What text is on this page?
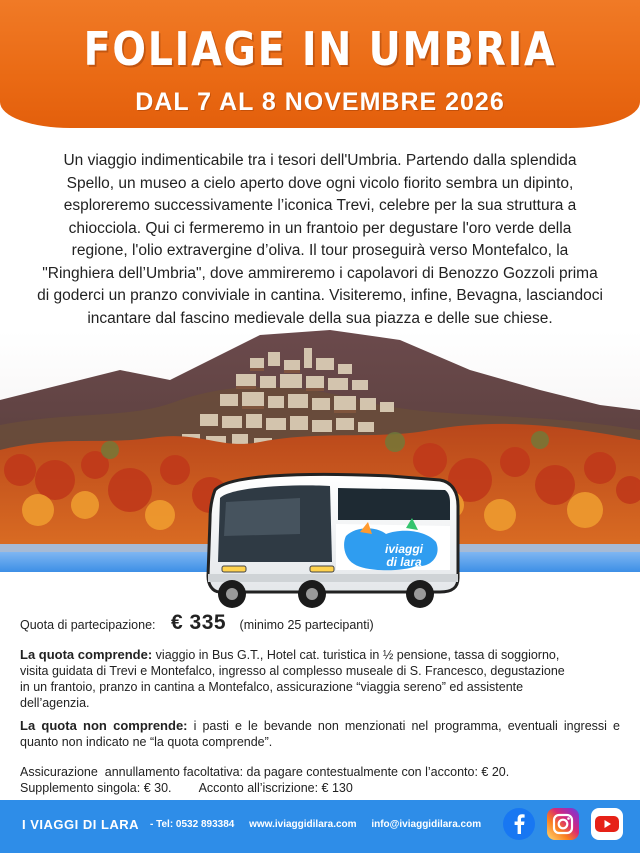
FOLIAGE IN UMBRIA
DAL 7 AL 8 NOVEMBRE 2026
Un viaggio indimenticabile tra i tesori dell'Umbria. Partendo dalla splendida
Spello, un museo a cielo aperto dove ogni vicolo fiorito sembra un dipinto,
esploreremo successivamente l’iconica Trevi, celebre per la sua struttura a
chiocciola. Qui ci fermeremo in un frantoio per degustare l'oro verde della
regione, l'olio extravergine d’oliva. Il tour proseguirà verso Montefalco, la
"Ringhiera dell’Umbria", dove ammireremo i capolavori di Benozzo Gozzoli prima
di goderci un pranzo conviviale in cantina. Visiteremo, infine, Bevagna, lasciandoci
incantare dal fascino medievale della sua piazza e delle sue chiese.
iviaggi
di lara
Quota di partecipazione: € 335 (minimo 25 partecipanti)
La quota comprende: viaggio in Bus G.T., Hotel cat. turistica in ½ pensione, tassa di soggiorno,
visita guidata di Trevi e Montefalco, ingresso al complesso museale di S. Francesco, degustazione
in un frantoio, pranzo in cantina a Montefalco, assicurazione “viaggia sereno” ed assistente
dell’agenzia.
La quota non comprende: i pasti e le bevande non menzionati nel programma, eventuali ingressi e quanto non indicato ne “la quota comprende”.
Assicurazione  annullamento facoltativa: da pagare contestualmente con l’acconto: € 20.
Supplemento singola: € 30.        Acconto all’iscrizione: € 130
I VIAGGI DI LARA - Tel: 0532 893384 www.iviaggidilara.com info@iviaggidilara.com
